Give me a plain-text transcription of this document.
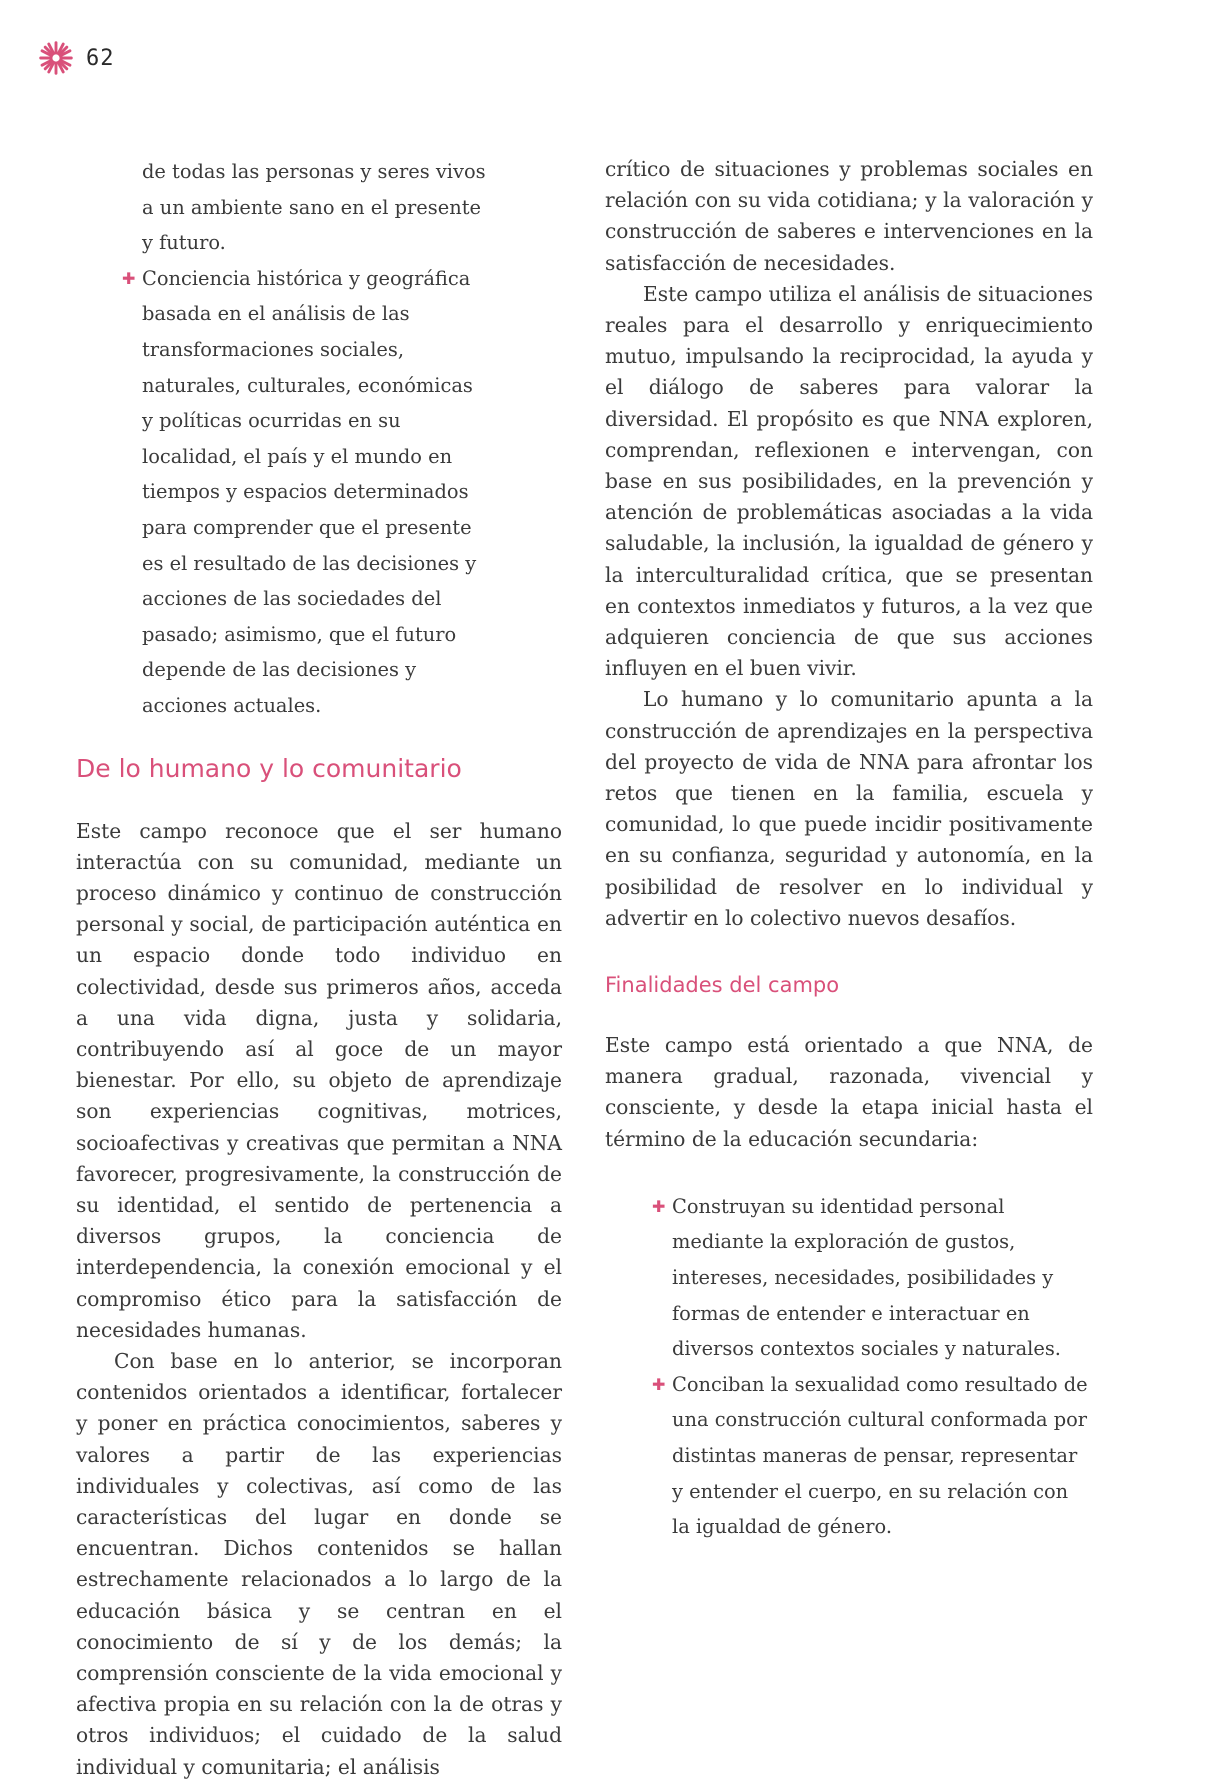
62
de todas las personas y seres vivos a un ambiente sano en el presente y futuro.
✚ Conciencia histórica y geográfica basada en el análisis de las transformaciones sociales, naturales, culturales, económicas y políticas ocurridas en su localidad, el país y el mundo en tiempos y espacios determinados para comprender que el presente es el resultado de las decisiones y acciones de las sociedades del pasado; asimismo, que el futuro depende de las decisiones y acciones actuales.
De lo humano y lo comunitario

Este campo reconoce que el ser humano interactúa con su comunidad, mediante un proceso dinámico y continuo de construcción personal y social, de participación auténtica en un espacio donde todo individuo en colectividad, desde sus primeros años, acceda a una vida digna, justa y solidaria, contribuyendo así al goce de un mayor bienestar. Por ello, su objeto de aprendizaje son experiencias cognitivas, motrices, socioafectivas y creativas que permitan a NNA favorecer, progresivamente, la construcción de su identidad, el sentido de pertenencia a diversos grupos, la conciencia de interdependencia, la conexión emocional y el compromiso ético para la satisfacción de necesidades humanas.

Con base en lo anterior, se incorporan contenidos orientados a identificar, fortalecer y poner en práctica conocimientos, saberes y valores a partir de las experiencias individuales y colectivas, así como de las características del lugar en donde se encuentran. Dichos contenidos se hallan estrechamente relacionados a lo largo de la educación básica y se centran en el conocimiento de sí y de los demás; la comprensión consciente de la vida emocional y afectiva propia en su relación con la de otras y otros individuos; el cuidado de la salud individual y comunitaria; el análisis

crítico de situaciones y problemas sociales en relación con su vida cotidiana; y la valoración y construcción de saberes e intervenciones en la satisfacción de necesidades.

Este campo utiliza el análisis de situaciones reales para el desarrollo y enriquecimiento mutuo, impulsando la reciprocidad, la ayuda y el diálogo de saberes para valorar la diversidad. El propósito es que NNA exploren, comprendan, reflexionen e intervengan, con base en sus posibilidades, en la prevención y atención de problemáticas asociadas a la vida saludable, la inclusión, la igualdad de género y la interculturalidad crítica, que se presentan en contextos inmediatos y futuros, a la vez que adquieren conciencia de que sus acciones influyen en el buen vivir.

Lo humano y lo comunitario apunta a la construcción de aprendizajes en la perspectiva del proyecto de vida de NNA para afrontar los retos que tienen en la familia, escuela y comunidad, lo que puede incidir positivamente en su confianza, seguridad y autonomía, en la posibilidad de resolver en lo individual y advertir en lo colectivo nuevos desafíos.

Finalidades del campo

Este campo está orientado a que NNA, de manera gradual, razonada, vivencial y consciente, y desde la etapa inicial hasta el término de la educación secundaria:

✚ Construyan su identidad personal mediante la exploración de gustos, intereses, necesidades, posibilidades y formas de entender e interactuar en diversos contextos sociales y naturales.
✚ Conciban la sexualidad como resultado de una construcción cultural conformada por distintas maneras de pensar, representar y entender el cuerpo, en su relación con la igualdad de género.
